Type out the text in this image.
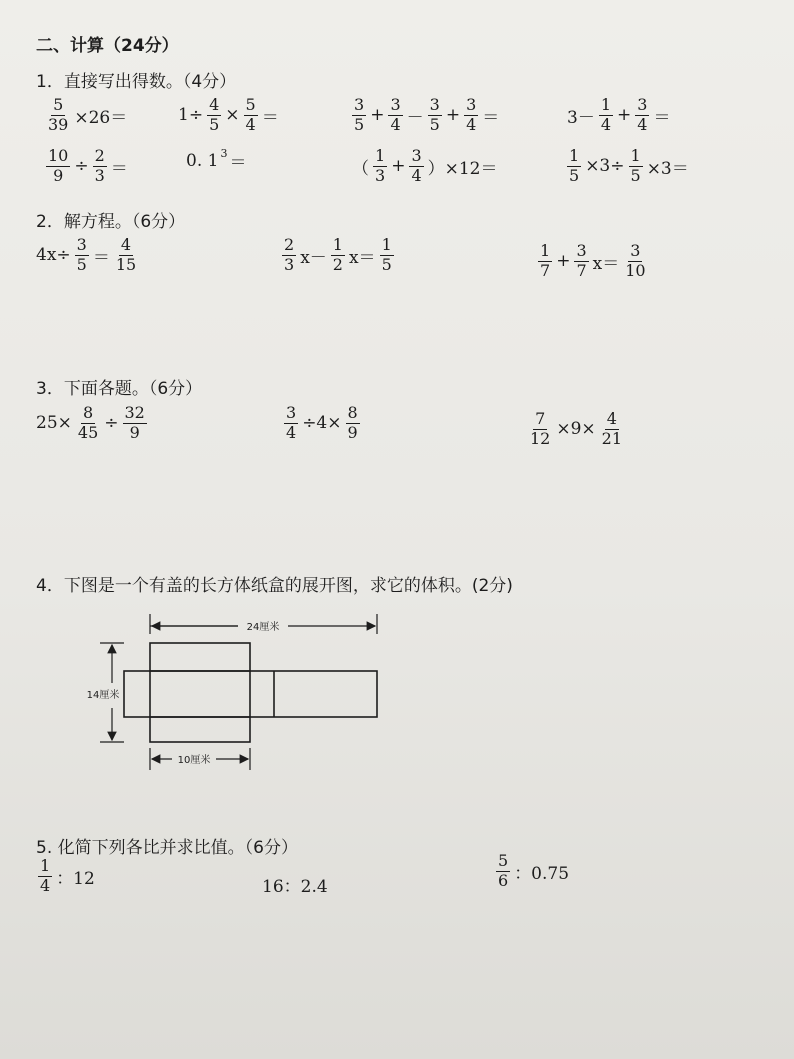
二、计算（24分）
1．直接写出得数。（4分）
$\frac{5}{39} \times 26=$	$1\div \frac{4}{5} \times \frac{5}{4}$ ＝	$\frac{3}{5} + \frac{3}{4} - \frac{3}{5} + \frac{3}{4}$ ＝	$3- \frac{1}{4} + \frac{3}{4}$ ＝
$\frac{10}{9} \div \frac{2}{3}$ ＝	0. 1 3 ＝	（ $\frac{1}{3} + \frac{3}{4} )\times 12=$	$\frac{1}{5} \times 3\div \frac{1}{5} \times 3=$
2．解方程。（6分）
$4x\div \frac{3}{5} = \frac{4}{15}$	$\frac{2}{3} x- \frac{1}{2} x= \frac{1}{5}$	$\frac{1}{7} + \frac{3}{7} x= \frac{3}{10}$
3．下面各题。（6分）
$25\times \frac{8}{45} \div \frac{32}{9}$	$\frac{3}{4} \div 4\times \frac{8}{9}$	$\frac{7}{12} \times 9\times \frac{4}{21}$
4．下图是一个有盖的长方体纸盒的展开图，求它的体积。(2分)
24厘米
14厘米
10厘米
5. 化简下列各比并求比值。（6分）
$\frac{1}{4}$ ：12	16：2.4	$\frac{5}{6}$ ：0.75
